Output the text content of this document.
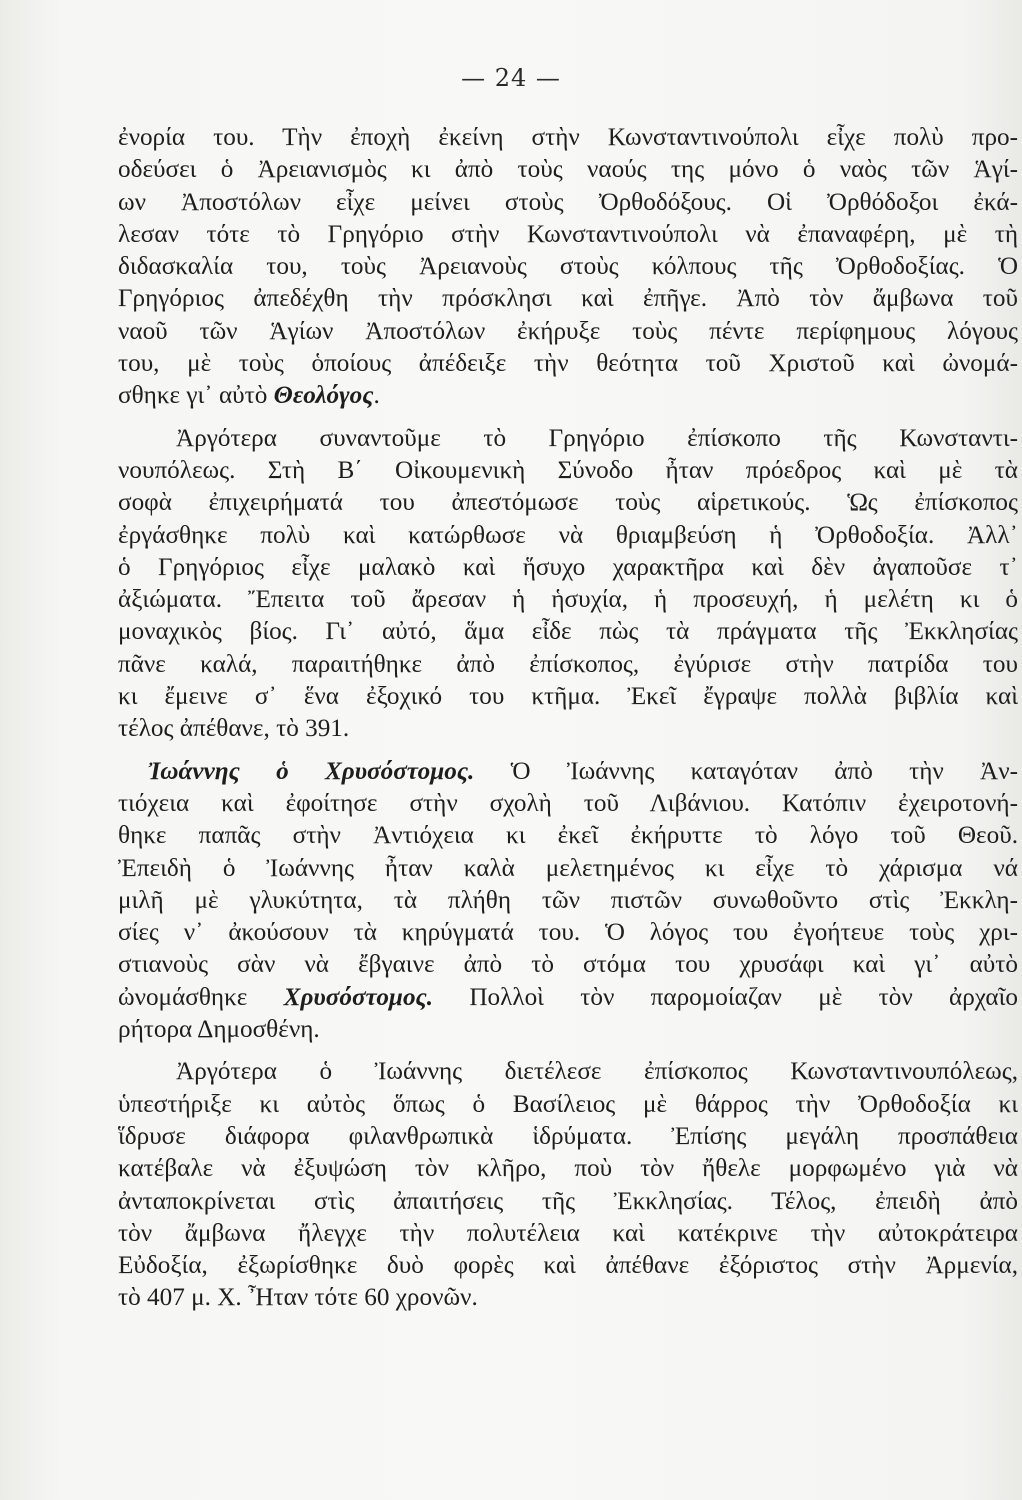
— 24 —
ἐνορία του. Τὴν ἐποχὴ ἐκείνη στὴν Κωνσταντινούπολι εἶχε πολὺ προ-
οδεύσει ὁ Ἀρειανισμὸς κι ἀπὸ τοὺς ναούς της μόνο ὁ ναὸς τῶν Ἁγί-
ων Ἀποστόλων εἶχε μείνει στοὺς Ὀρθοδόξους. Οἱ Ὀρθόδοξοι ἐκά-
λεσαν τότε τὸ Γρηγόριο στὴν Κωνσταντινούπολι νὰ ἐπαναφέρη, μὲ τὴ
διδασκαλία του, τοὺς Ἀρειανοὺς στοὺς κόλπους τῆς Ὀρθοδοξίας. Ὁ
Γρηγόριος ἀπεδέχθη τὴν πρόσκλησι καὶ ἐπῆγε. Ἀπὸ τὸν ἄμβωνα τοῦ
ναοῦ τῶν Ἁγίων Ἀποστόλων ἐκήρυξε τοὺς πέντε περίφημους λόγους
του, μὲ τοὺς ὁποίους ἀπέδειξε τὴν θεότητα τοῦ Χριστοῦ καὶ ὠνομά-
σθηκε γι᾿ αὐτὸ Θεολόγος.
Ἀργότερα συναντοῦμε τὸ Γρηγόριο ἐπίσκοπο τῆς Κωνσταντι-
νουπόλεως. Στὴ Β΄ Οἰκουμενικὴ Σύνοδο ἦταν πρόεδρος καὶ μὲ τὰ
σοφὰ ἐπιχειρήματά του ἀπεστόμωσε τοὺς αἱρετικούς. Ὡς ἐπίσκοπος
ἐργάσθηκε πολὺ καὶ κατώρθωσε νὰ θριαμβεύση ἡ Ὀρθοδοξία. Ἀλλ᾿
ὁ Γρηγόριος εἶχε μαλακὸ καὶ ἥσυχο χαρακτῆρα καὶ δὲν ἀγαποῦσε τ᾿
ἀξιώματα. Ἔπειτα τοῦ ἄρεσαν ἡ ἡσυχία, ἡ προσευχή, ἡ μελέτη κι ὁ
μοναχικὸς βίος. Γι᾿ αὐτό, ἅμα εἶδε πὼς τὰ πράγματα τῆς Ἐκκλησίας
πᾶνε καλά, παραιτήθηκε ἀπὸ ἐπίσκοπος, ἐγύρισε στὴν πατρίδα του
κι ἔμεινε σ᾿ ἕνα ἐξοχικό του κτῆμα. Ἐκεῖ ἔγραψε πολλὰ βιβλία καὶ
τέλος ἀπέθανε, τὸ 391.
Ἰωάννης ὁ Χρυσόστομος. Ὁ Ἰωάννης καταγόταν ἀπὸ τὴν Ἀν-
τιόχεια καὶ ἐφοίτησε στὴν σχολὴ τοῦ Λιβάνιου. Κατόπιν ἐχειροτονή-
θηκε παπᾶς στὴν Ἀντιόχεια κι ἐκεῖ ἐκήρυττε τὸ λόγο τοῦ Θεοῦ.
Ἐπειδὴ ὁ Ἰωάννης ἦταν καλὰ μελετημένος κι εἶχε τὸ χάρισμα νά
μιλῆ μὲ γλυκύτητα, τὰ πλήθη τῶν πιστῶν συνωθοῦντο στὶς Ἐκκλη-
σίες ν᾿ ἀκούσουν τὰ κηρύγματά του. Ὁ λόγος του ἐγοήτευε τοὺς χρι-
στιανοὺς σὰν νὰ ἔβγαινε ἀπὸ τὸ στόμα του χρυσάφι καὶ γι᾿ αὐτὸ
ὠνομάσθηκε Χρυσόστομος. Πολλοὶ τὸν παρομοίαζαν μὲ τὸν ἀρχαῖο
ρήτορα Δημοσθένη.
Ἀργότερα ὁ Ἰωάννης διετέλεσε ἐπίσκοπος Κωνσταντινουπόλεως,
ὑπεστήριξε κι αὐτὸς ὅπως ὁ Βασίλειος μὲ θάρρος τὴν Ὀρθοδοξία κι
ἵδρυσε διάφορα φιλανθρωπικὰ ἱδρύματα. Ἐπίσης μεγάλη προσπάθεια
κατέβαλε νὰ ἐξυψώση τὸν κλῆρο, ποὺ τὸν ἤθελε μορφωμένο γιὰ νὰ
ἀνταποκρίνεται στὶς ἀπαιτήσεις τῆς Ἐκκλησίας. Τέλος, ἐπειδὴ ἀπὸ
τὸν ἄμβωνα ἤλεγχε τὴν πολυτέλεια καὶ κατέκρινε τὴν αὐτοκράτειρα
Εὐδοξία, ἐξωρίσθηκε δυὸ φορὲς καὶ ἀπέθανε ἐξόριστος στὴν Ἀρμενία,
τὸ 407 μ. Χ. Ἦταν τότε 60 χρονῶν.
